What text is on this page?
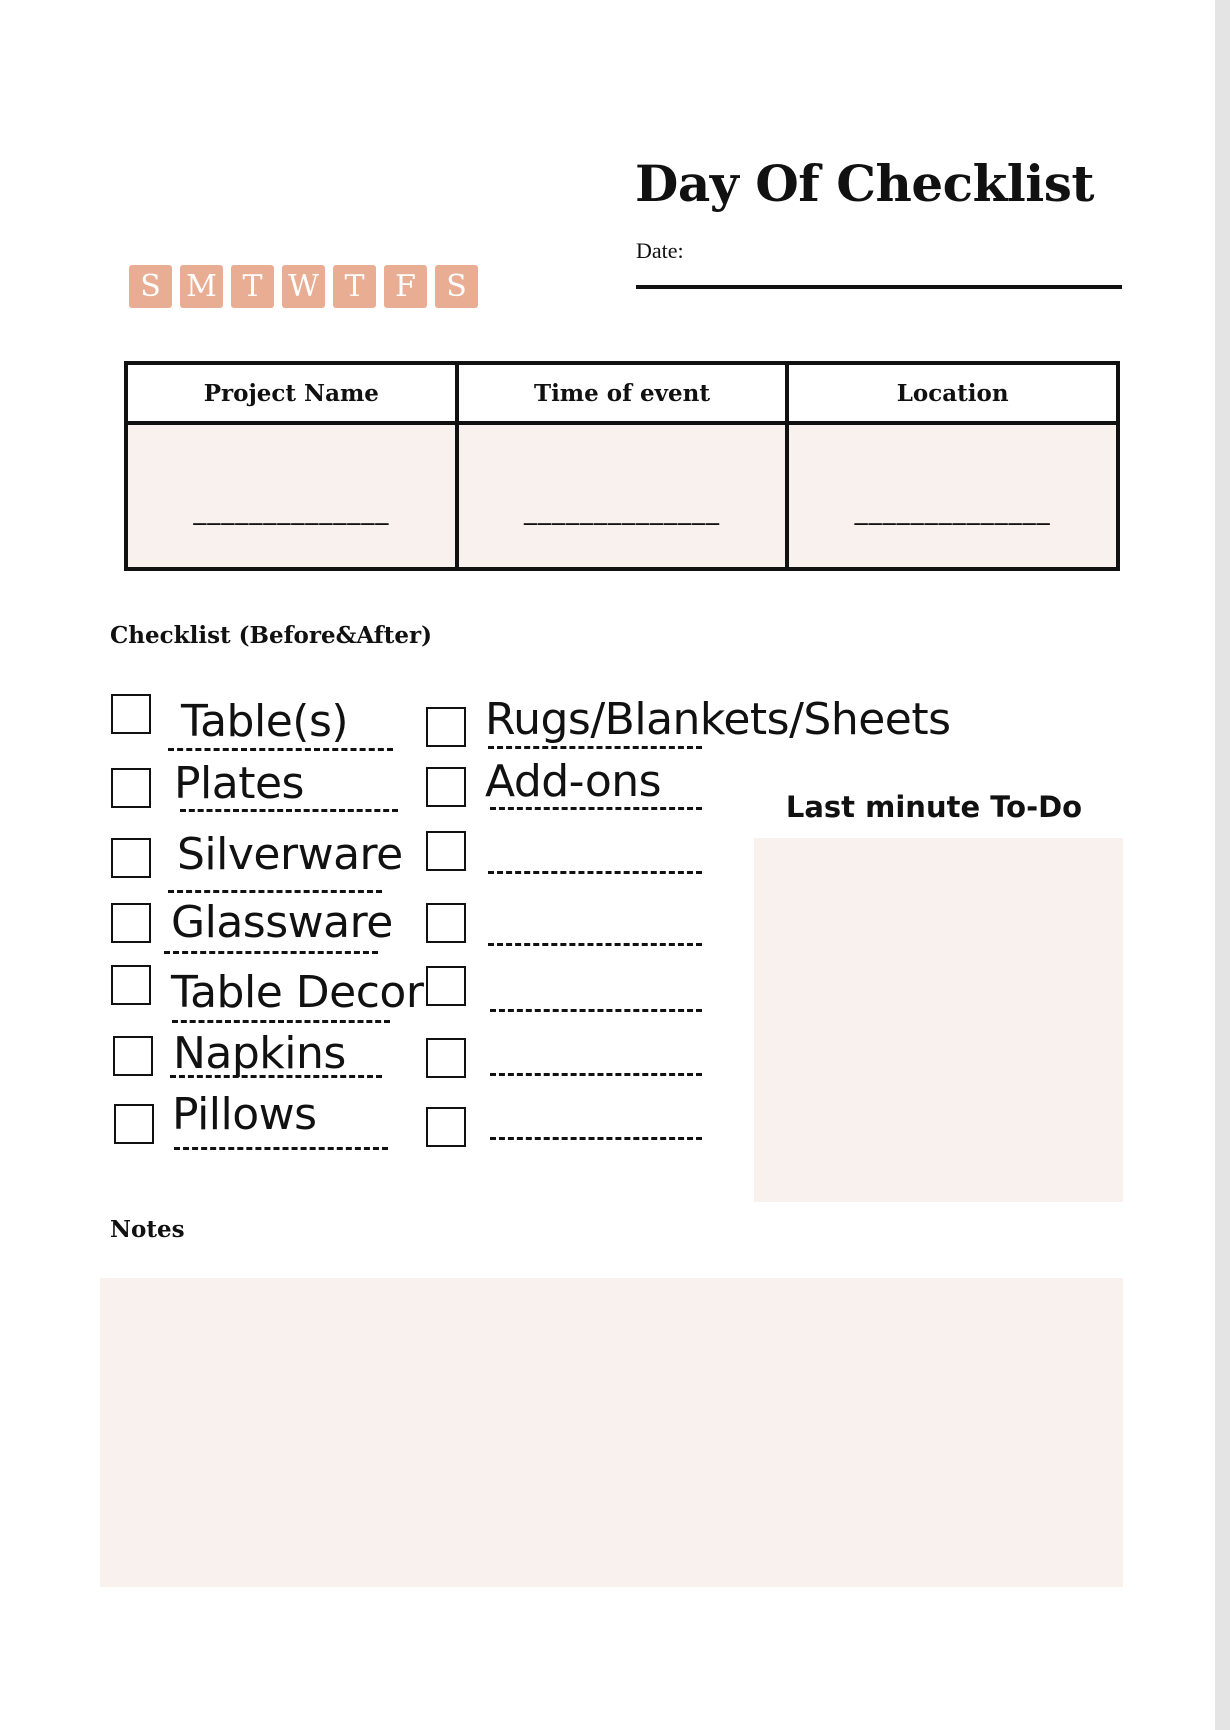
Day Of Checklist
Date:
S M T W T	F	S
Project Name	Time of event	Location
______________	______________	______________
Checklist (Before&After)
Table(s)
Plates
Silverware
Glassware
Table Decor
Napkins
Pillows
Rugs/Blankets/Sheets
Add-ons	Last minute To-Do
Notes
